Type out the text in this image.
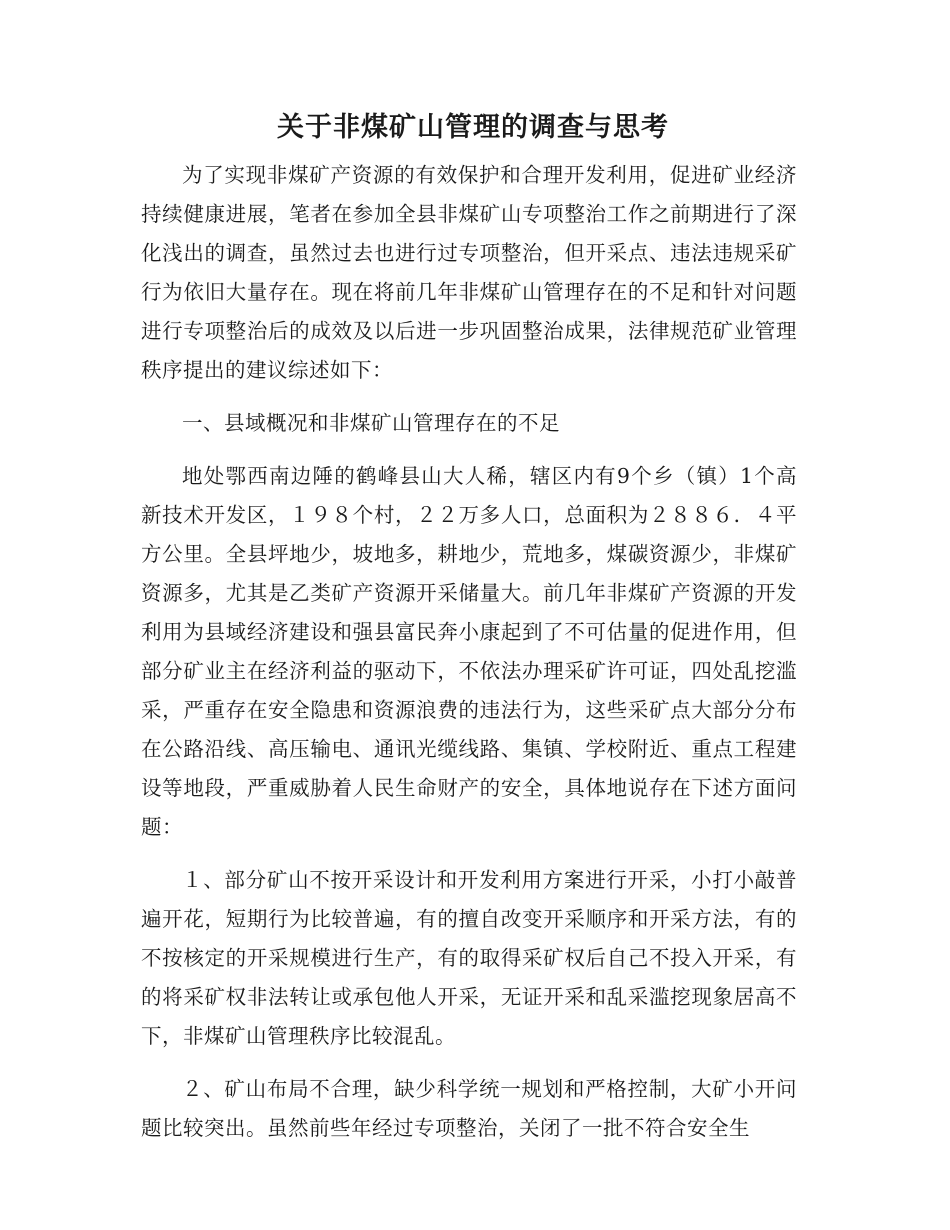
关于非煤矿山管理的调查与思考

为了实现非煤矿产资源的有效保护和合理开发利用，促进矿业经济持续健康进展，笔者在参加全县非煤矿山专项整治工作之前期进行了深化浅出的调查，虽然过去也进行过专项整治，但开采点、违法违规采矿行为依旧大量存在。现在将前几年非煤矿山管理存在的不足和针对问题进行专项整治后的成效及以后进一步巩固整治成果，法律规范矿业管理秩序提出的建议综述如下：

一、县域概况和非煤矿山管理存在的不足

地处鄂西南边陲的鹤峰县山大人稀，辖区内有9个乡（镇）1个高新技术开发区，１９８个村，２２万多人口，总面积为２８８６．４平方公里。全县坪地少，坡地多，耕地少，荒地多，煤碳资源少，非煤矿资源多，尤其是乙类矿产资源开采储量大。前几年非煤矿产资源的开发利用为县域经济建设和强县富民奔小康起到了不可估量的促进作用，但部分矿业主在经济利益的驱动下，不依法办理采矿许可证，四处乱挖滥采，严重存在安全隐患和资源浪费的违法行为，这些采矿点大部分分布在公路沿线、高压输电、通讯光缆线路、集镇、学校附近、重点工程建设等地段，严重威胁着人民生命财产的安全，具体地说存在下述方面问题：

１、部分矿山不按开采设计和开发利用方案进行开采，小打小敲普遍开花，短期行为比较普遍，有的擅自改变开采顺序和开采方法，有的不按核定的开采规模进行生产，有的取得采矿权后自己不投入开采，有的将采矿权非法转让或承包他人开采，无证开采和乱采滥挖现象居高不下，非煤矿山管理秩序比较混乱。

２、矿山布局不合理，缺少科学统一规划和严格控制，大矿小开问题比较突出。虽然前些年经过专项整治，关闭了一批不符合安全生
